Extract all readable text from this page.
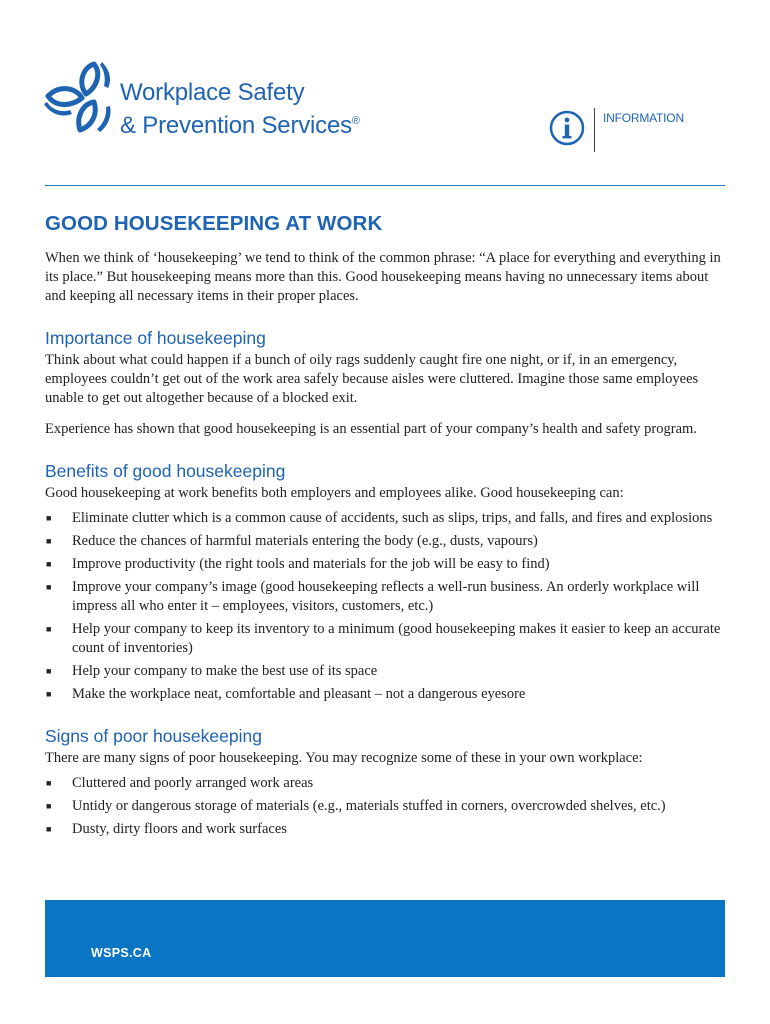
Workplace Safety
& Prevention Services®	INFORMATION
GOOD HOUSEKEEPING AT WORK

When we think of ‘housekeeping’ we tend to think of the common phrase: “A place for everything and everything in its place.” But housekeeping means more than this. Good housekeeping means having no unnecessary items about and keeping all necessary items in their proper places.

Importance of housekeeping

Think about what could happen if a bunch of oily rags suddenly caught fire one night, or if, in an emergency, employees couldn’t get out of the work area safely because aisles were cluttered. Imagine those same employees unable to get out altogether because of a blocked exit.

Experience has shown that good housekeeping is an essential part of your company’s health and safety program.

Benefits of good housekeeping

Good housekeeping at work benefits both employers and employees alike. Good housekeeping can:

■ Eliminate clutter which is a common cause of accidents, such as slips, trips, and falls, and fires and explosions
■ Reduce the chances of harmful materials entering the body (e.g., dusts, vapours)
■ Improve productivity (the right tools and materials for the job will be easy to find)
■ Improve your company’s image (good housekeeping reflects a well-run business. An orderly workplace will impress all who enter it – employees, visitors, customers, etc.)
■ Help your company to keep its inventory to a minimum (good housekeeping makes it easier to keep an accurate count of inventories)
■ Help your company to make the best use of its space
■ Make the workplace neat, comfortable and pleasant – not a dangerous eyesore
Signs of poor housekeeping

There are many signs of poor housekeeping. You may recognize some of these in your own workplace:

■ Cluttered and poorly arranged work areas
■ Untidy or dangerous storage of materials (e.g., materials stuffed in corners, overcrowded shelves, etc.)
■ Dusty, dirty floors and work surfaces
WSPS.CA
